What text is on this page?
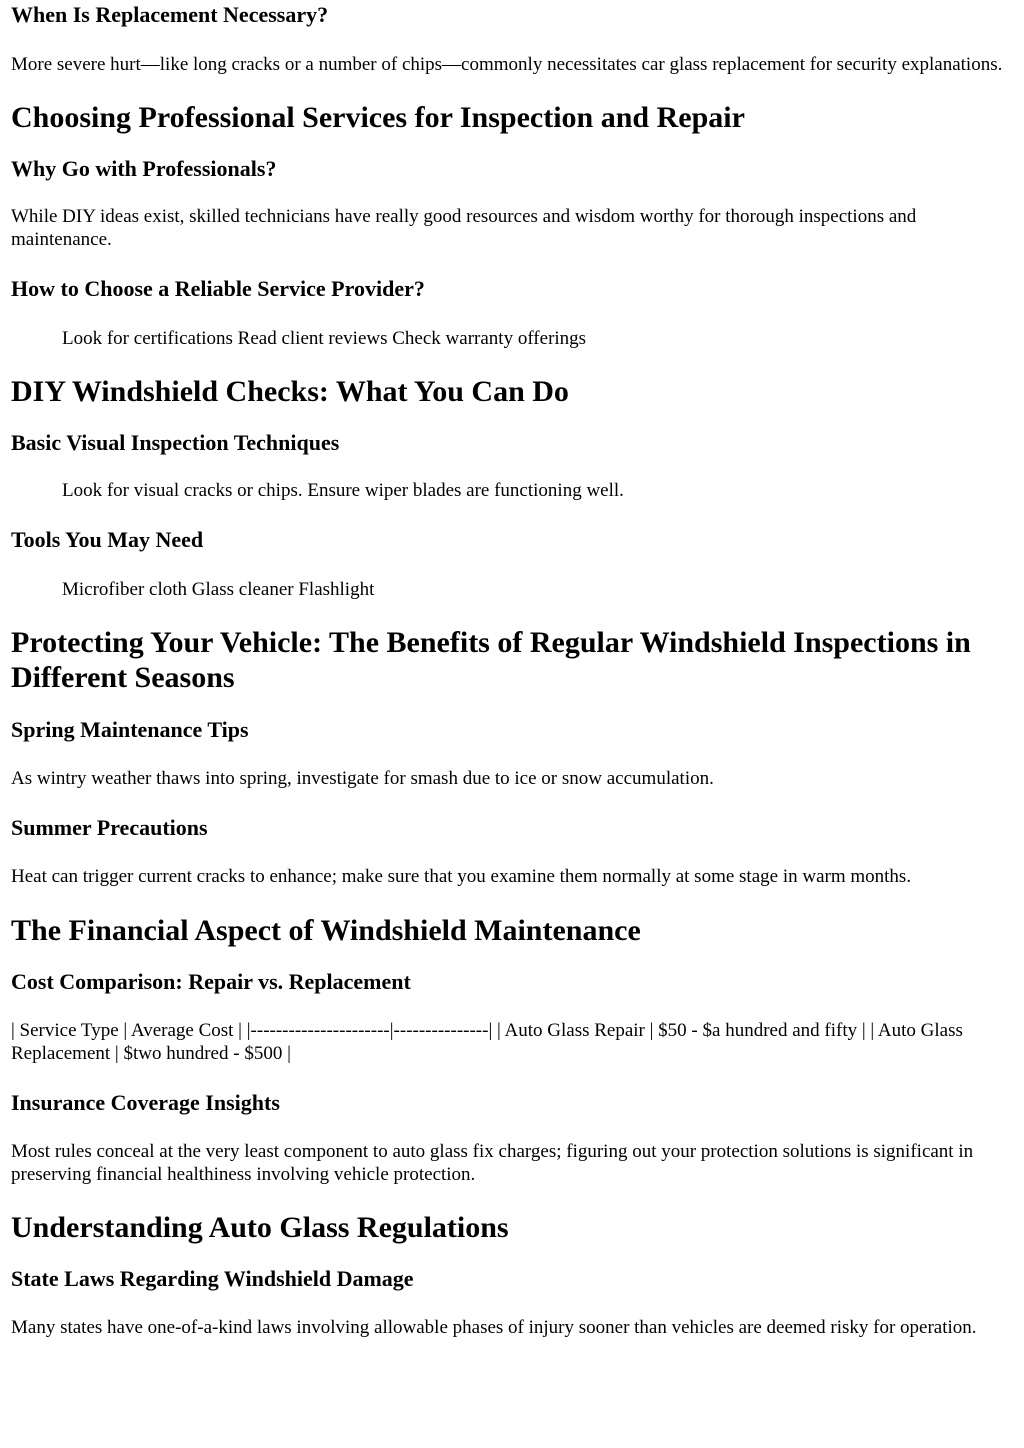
When Is Replacement Necessary?

More severe hurt—like long cracks or a number of chips—commonly necessitates car glass replacement for security explanations.

Choosing Professional Services for Inspection and Repair
Why Go with Professionals?

While DIY ideas exist, skilled technicians have really good resources and wisdom worthy for thorough inspections and maintenance.

How to Choose a Reliable Service Provider?

Look for certifications Read client reviews Check warranty offerings

DIY Windshield Checks: What You Can Do
Basic Visual Inspection Techniques

Look for visual cracks or chips. Ensure wiper blades are functioning well.

Tools You May Need

Microfiber cloth Glass cleaner Flashlight

Protecting Your Vehicle: The Benefits of Regular Windshield Inspections in Different Seasons
Spring Maintenance Tips

As wintry weather thaws into spring, investigate for smash due to ice or snow accumulation.

Summer Precautions

Heat can trigger current cracks to enhance; make sure that you examine them normally at some stage in warm months.

The Financial Aspect of Windshield Maintenance
Cost Comparison: Repair vs. Replacement

| Service Type | Average Cost | |----------------------|---------------| | Auto Glass Repair | $50 - $a hundred and fifty | | Auto Glass Replacement | $two hundred - $500 |

Insurance Coverage Insights

Most rules conceal at the very least component to auto glass fix charges; figuring out your protection solutions is significant in preserving financial healthiness involving vehicle protection.

Understanding Auto Glass Regulations
State Laws Regarding Windshield Damage

Many states have one-of-a-kind laws involving allowable phases of injury sooner than vehicles are deemed risky for operation.
